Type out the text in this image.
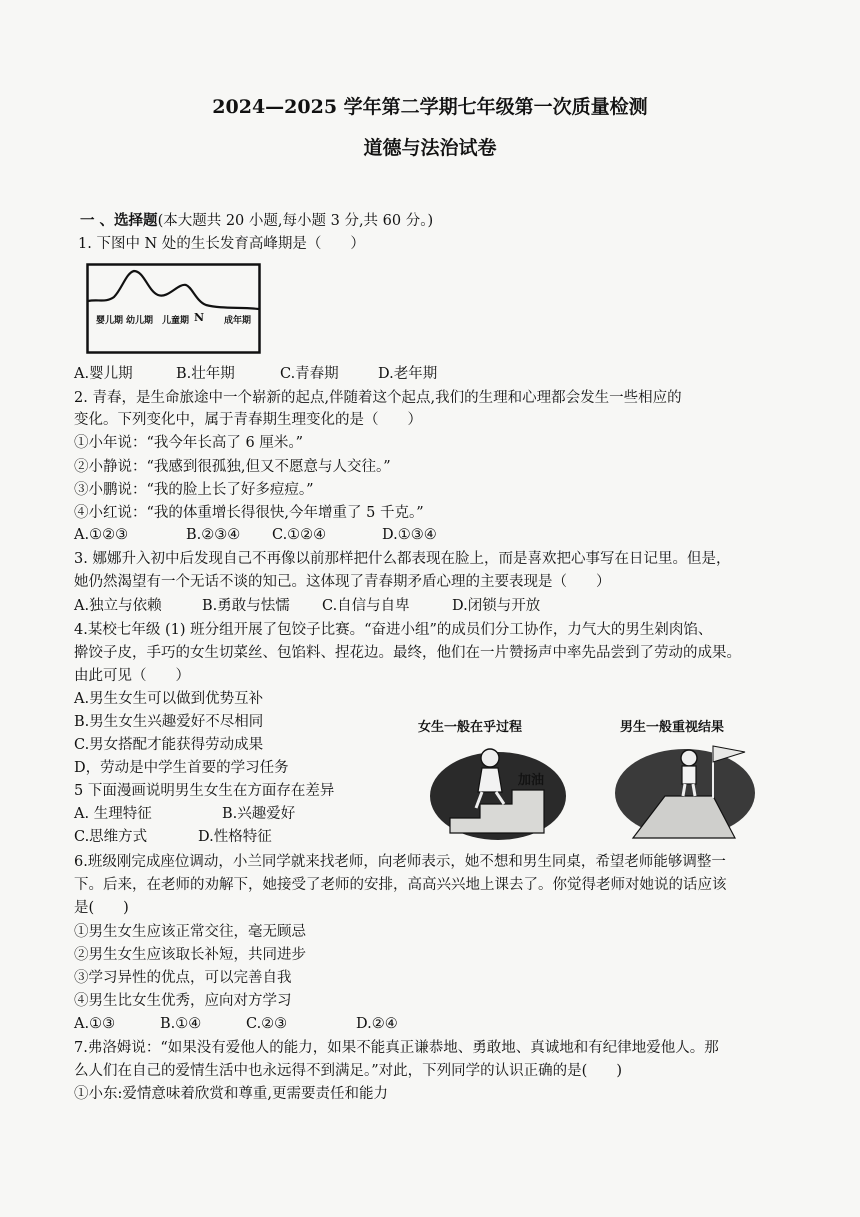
2024—2025 学年第二学期七年级第一次质量检测
道德与法治试卷
一 、选择题(本大题共 20 小题,每小题 3 分,共 60 分。)
1. 下图中 N 处的生长发育高峰期是（　　）
婴儿期 幼儿期 儿童期 N 成年期
A.婴儿期	B.壮年期	C.青春期	D.老年期
2. 青春，是生命旅途中一个崭新的起点,伴随着这个起点,我们的生理和心理都会发生一些相应的
变化。下列变化中，属于青春期生理变化的是（　　）
①小年说：“我今年长高了 6 厘米。”
②小静说：“我感到很孤独,但又不愿意与人交往。”
③小鹏说：“我的脸上长了好多痘痘。”
④小红说：“我的体重增长得很快,今年增重了 5 千克。”
A.①②③	B.②③④ C.①②④	D.①③④
3. 娜娜升入初中后发现自己不再像以前那样把什么都表现在脸上，而是喜欢把心事写在日记里。但是，
她仍然渴望有一个无话不谈的知己。这体现了青春期矛盾心理的主要表现是（　　）
A.独立与依赖	B.勇敢与怯懦 C.自信与自卑	D.闭锁与开放
4.某校七年级 (1) 班分组开展了包饺子比赛。“奋进小组”的成员们分工协作，力气大的男生剁肉馅、
擀饺子皮，手巧的女生切菜丝、包馅料、捏花边。最终，他们在一片赞扬声中率先品尝到了劳动的成果。
由此可见（　　）
A.男生女生可以做到优势互补
B.男生女生兴趣爱好不尽相同
C.男女搭配才能获得劳动成果
D，劳动是中学生首要的学习任务
5 下面漫画说明男生女生在方面存在差异
A. 生理特征	B.兴趣爱好
C.思维方式	D.性格特征
女生一般在乎过程
加油
男生一般重视结果
6.班级刚完成座位调动，小兰同学就来找老师，向老师表示，她不想和男生同桌，希望老师能够调整一
下。后来，在老师的劝解下，她接受了老师的安排，高高兴兴地上课去了。你觉得老师对她说的话应该
是(　　)
①男生女生应该正常交往，毫无顾忌
②男生女生应该取长补短，共同进步
③学习异性的优点，可以完善自我
④男生比女生优秀，应向对方学习
A.①③	B.①④	C.②③	D.②④
7.弗洛姆说：“如果没有爱他人的能力，如果不能真正谦恭地、勇敢地、真诚地和有纪律地爱他人。那
么人们在自己的爱情生活中也永远得不到满足。”对此，下列同学的认识正确的是(　　)
①小东:爱情意味着欣赏和尊重,更需要责任和能力
